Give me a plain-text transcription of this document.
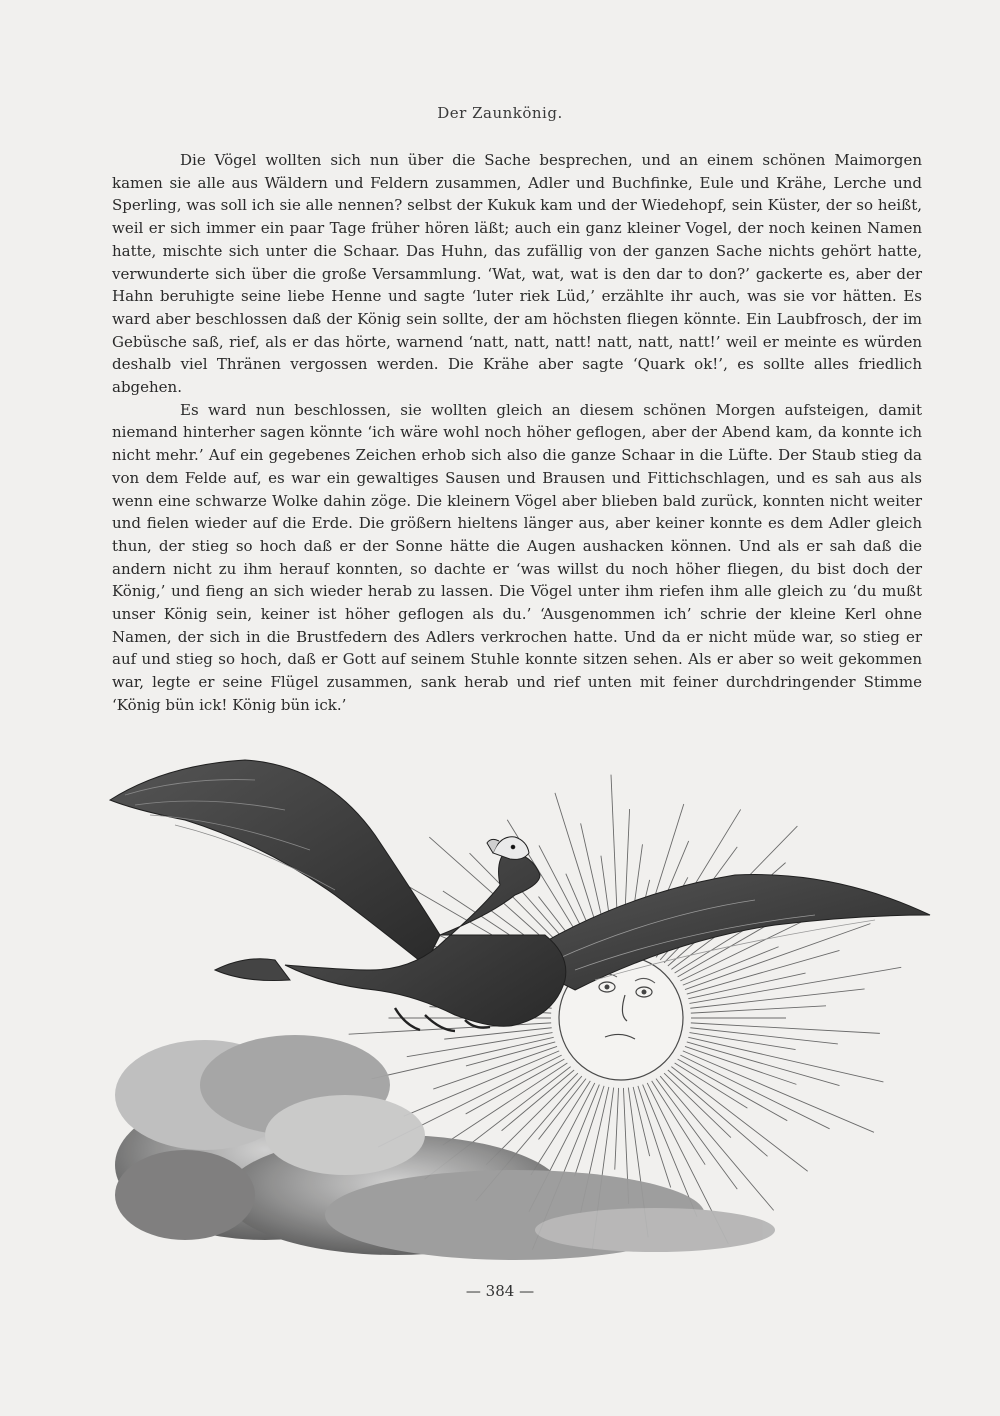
Der Zaunkönig.

Die Vögel wollten sich nun über die Sache besprechen, und an einem schönen Maimorgen kamen sie alle aus Wäldern und Feldern zusammen, Adler und Buchfinke, Eule und Krähe, Lerche und Sperling, was soll ich sie alle nennen? selbst der Kukuk kam und der Wiedehopf, sein Küster, der so heißt, weil er sich immer ein paar Tage früher hören läßt; auch ein ganz kleiner Vogel, der noch keinen Namen hatte, mischte sich unter die Schaar. Das Huhn, das zufällig von der ganzen Sache nichts gehört hatte, verwunderte sich über die große Versammlung. ‘Wat, wat, wat is den dar to don?’ gackerte es, aber der Hahn beruhigte seine liebe Henne und sagte ‘luter riek Lüd,’ erzählte ihr auch, was sie vor hätten. Es ward aber beschlossen daß der König sein sollte, der am höchsten fliegen könnte. Ein Laubfrosch, der im Gebüsche saß, rief, als er das hörte, warnend ‘natt, natt, natt! natt, natt, natt!’ weil er meinte es würden deshalb viel Thränen vergossen werden. Die Krähe aber sagte ‘Quark ok!’, es sollte alles friedlich abgehen.

Es ward nun beschlossen, sie wollten gleich an diesem schönen Morgen aufsteigen, damit niemand hinterher sagen könnte ‘ich wäre wohl noch höher geflogen, aber der Abend kam, da konnte ich nicht mehr.’ Auf ein gegebenes Zeichen erhob sich also die ganze Schaar in die Lüfte. Der Staub stieg da von dem Felde auf, es war ein gewaltiges Sausen und Brausen und Fittichschlagen, und es sah aus als wenn eine schwarze Wolke dahin zöge. Die kleinern Vögel aber blieben bald zurück, konnten nicht weiter und fielen wieder auf die Erde. Die größern hieltens länger aus, aber keiner konnte es dem Adler gleich thun, der stieg so hoch daß er der Sonne hätte die Augen aushacken können. Und als er sah daß die andern nicht zu ihm herauf konnten, so dachte er ‘was willst du noch höher fliegen, du bist doch der König,’ und fieng an sich wieder herab zu lassen. Die Vögel unter ihm riefen ihm alle gleich zu ‘du mußt unser König sein, keiner ist höher geflogen als du.’ ‘Ausgenommen ich’ schrie der kleine Kerl ohne Namen, der sich in die Brustfedern des Adlers verkrochen hatte. Und da er nicht müde war, so stieg er auf und stieg so hoch, daß er Gott auf seinem Stuhle konnte sitzen sehen. Als er aber so weit gekommen war, legte er seine Flügel zusammen, sank herab und rief unten mit feiner durchdringender Stimme ‘König bün ick! König bün ick.’

— 384 —
